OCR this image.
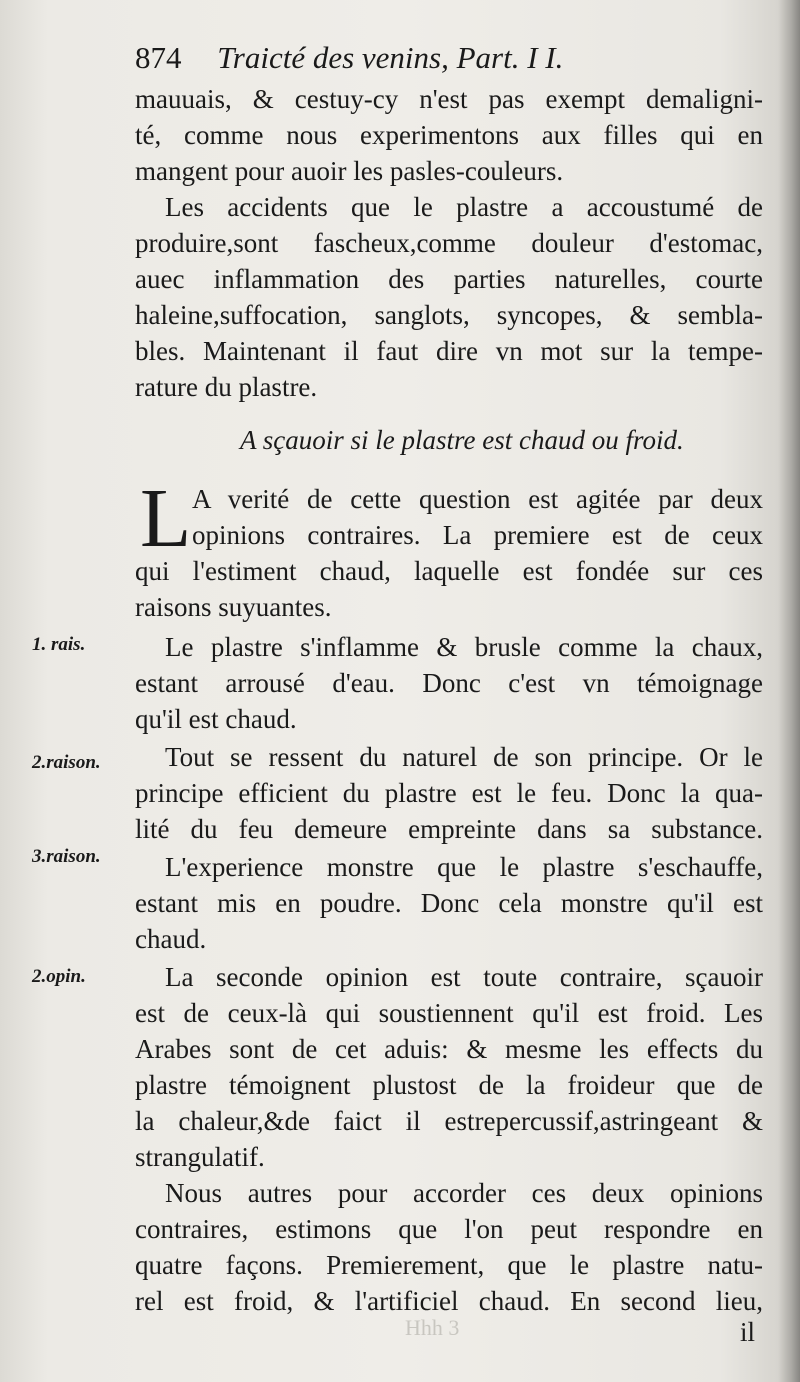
874 Traicté des venins, Part. I I.
mauuais, & cestuy-cy n'est pas exempt demaligni-
té, comme nous experimentons aux filles qui en
mangent pour auoir les pasles-couleurs.
Les accidents que le plastre a accoustumé de
produire,sont fascheux,comme douleur d'estomac,
auec inflammation des parties naturelles, courte
haleine,suffocation, sanglots, syncopes, & sembla-
bles. Maintenant il faut dire vn mot sur la tempe-
rature du plastre.
A sçauoir si le plastre est chaud ou froid.
L A verité de cette question est agitée par deux
opinions contraires. La premiere est de ceux
qui l'estiment chaud, laquelle est fondée sur ces
raisons suyuantes.
1. rais.	Le plastre s'inflamme & brusle comme la chaux,
estant arrousé d'eau. Donc c'est vn témoignage
qu'il est chaud.
2.raison.	Tout se ressent du naturel de son principe. Or le
principe efficient du plastre est le feu. Donc la qua-
lité du feu demeure empreinte dans sa substance.
3.raison.	L'experience monstre que le plastre s'eschauffe,
estant mis en poudre. Donc cela monstre qu'il est
chaud.
2.opin.	La seconde opinion est toute contraire, sçauoir
est de ceux-là qui soustiennent qu'il est froid. Les
Arabes sont de cet aduis: & mesme les effects du
plastre témoignent plustost de la froideur que de
la chaleur,&de faict il estrepercussif,astringeant &
strangulatif.
Nous autres pour accorder ces deux opinions
contraires, estimons que l'on peut respondre en
quatre façons. Premierement, que le plastre natu-
rel est froid, & l'artificiel chaud. En second lieu,
Hhh 3	il
